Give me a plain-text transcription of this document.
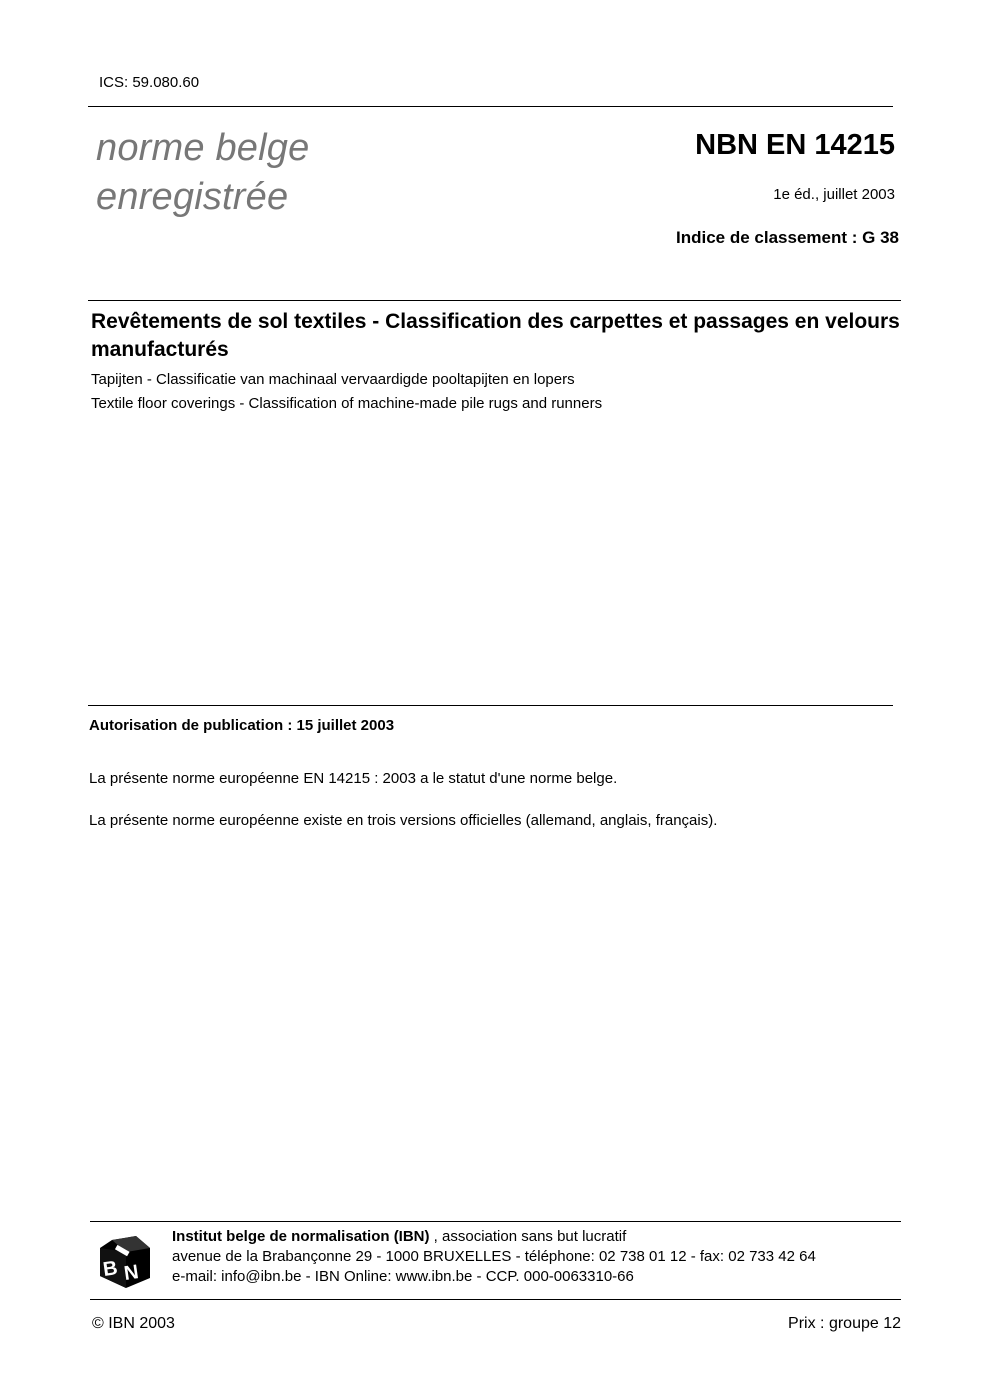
ICS: 59.080.60
norme belge
enregistrée
NBN EN 14215
1e éd., juillet 2003
Indice de classement : G 38
Revêtements de sol textiles - Classification des carpettes et passages en velours manufacturés
Tapijten - Classificatie van machinaal vervaardigde pooltapijten en lopers
Textile floor coverings - Classification of machine-made pile rugs and runners
Autorisation de publication : 15 juillet 2003
La présente norme européenne EN 14215 : 2003 a le statut d'une norme belge.
La présente norme européenne existe en trois versions officielles (allemand, anglais, français).
B N
Institut belge de normalisation (IBN) , association sans but lucratif
avenue de la Brabançonne 29 - 1000 BRUXELLES - téléphone: 02 738 01 12 - fax: 02 733 42 64
e-mail: info@ibn.be - IBN Online: www.ibn.be - CCP. 000-0063310-66
© IBN 2003	Prix : groupe 12
